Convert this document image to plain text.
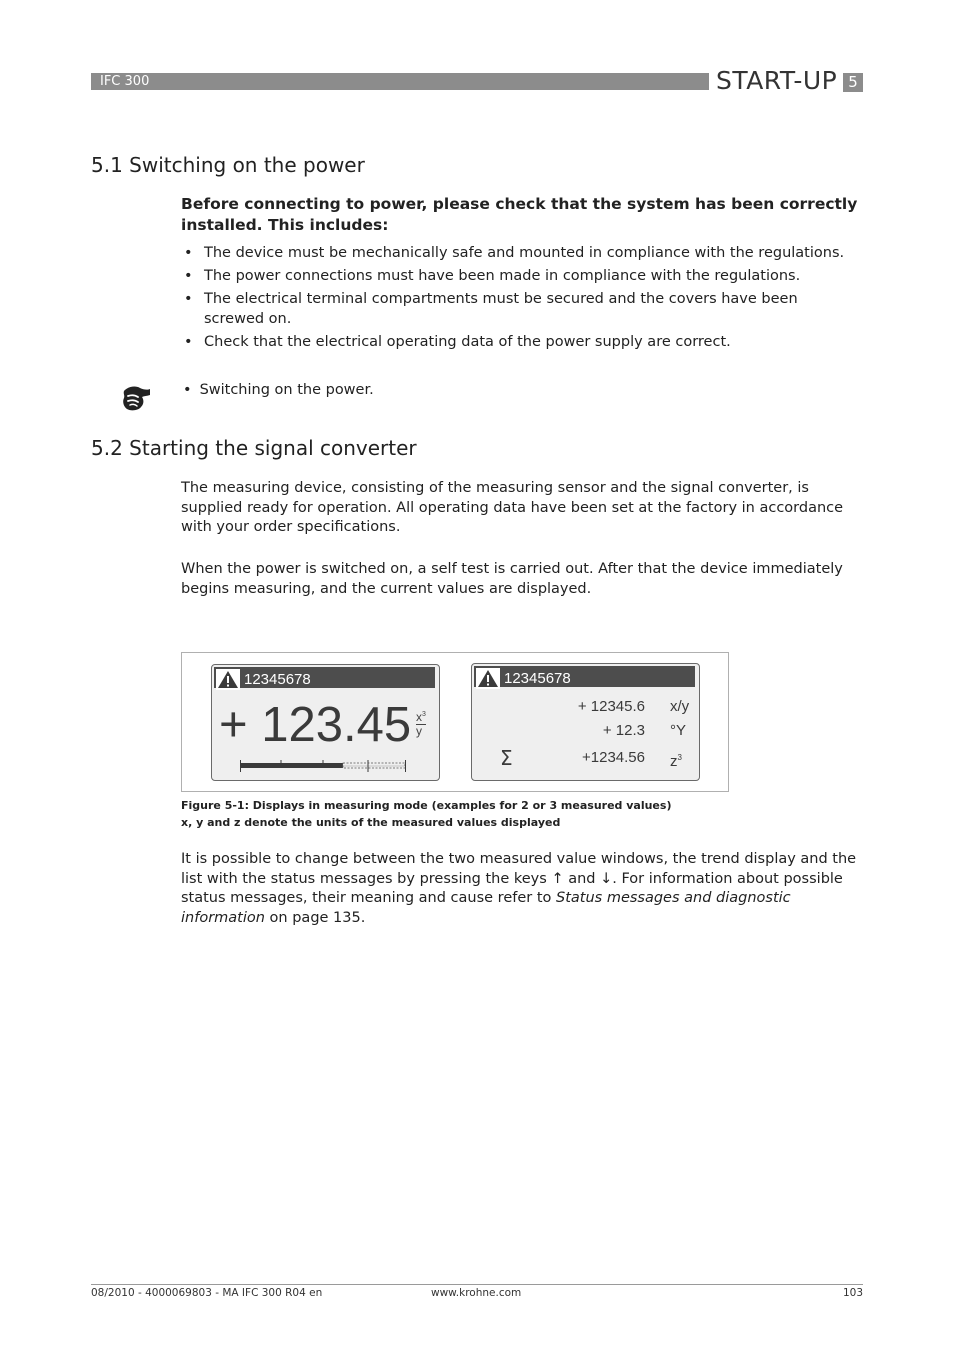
IFC 300	START-UP 5
5.1 Switching on the power
Before connecting to power, please check that the system has been correctly installed. This includes:
• The device must be mechanically safe and mounted in compliance with the regulations.
• The power connections must have been made in compliance with the regulations.
• The electrical terminal compartments must be secured and the covers have been screwed on.
• Check that the electrical operating data of the power supply are correct.
• Switching on the power.
5.2 Starting the signal converter

The measuring device, consisting of the measuring sensor and the signal converter, is supplied ready for operation. All operating data have been set at the factory in accordance with your order specifications.

When the power is switched on, a self test is carried out. After that the device immediately begins measuring, and the current values are displayed.

12345678
+ 123.45 $x^3$
y
12345678
+ 12345.6 x/y
+ 12.3 °Y
Σ	+1234.56 $z^3$
Figure 5-1: Displays in measuring mode (examples for 2 or 3 measured values)
x, y and z denote the units of the measured values displayed

It is possible to change between the two measured value windows, the trend display and the list with the status messages by pressing the keys ↑ and ↓. For information about possible status messages, their meaning and cause refer to Status messages and diagnostic information on page 135.

08/2010 - 4000069803 - MA IFC 300 R04 en	www.krohne.com	103
